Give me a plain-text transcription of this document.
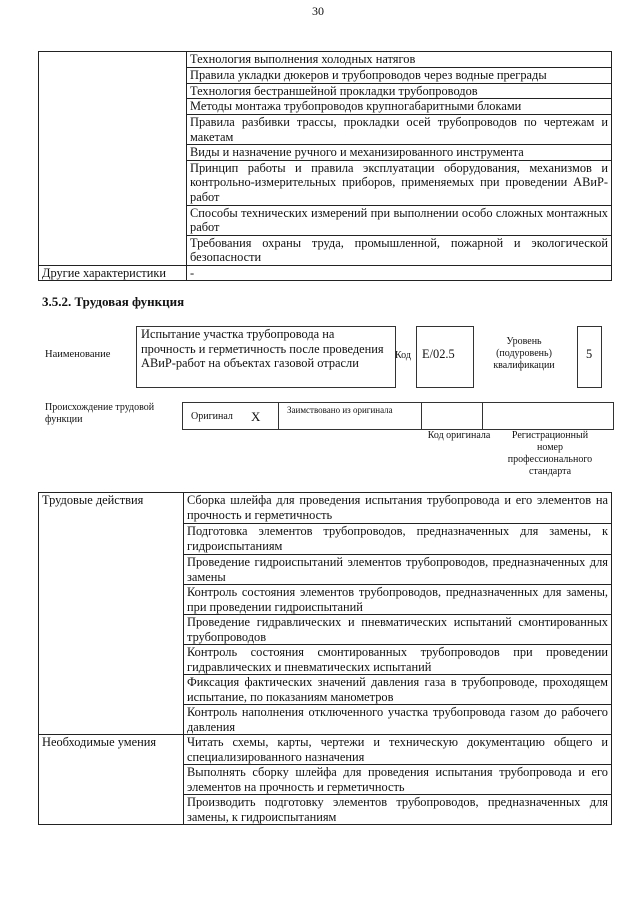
30
	Технология выполнения холодных натягов
	Правила укладки дюкеров и трубопроводов через водные преграды
	Технология бестраншейной прокладки трубопроводов
	Методы монтажа трубопроводов крупногабаритными блоками
	Правила разбивки трассы, прокладки осей трубопроводов по чертежам и макетам
	Виды и назначение ручного и механизированного инструмента
	Принцип работы и правила эксплуатации оборудования, механизмов и контрольно-измерительных приборов, применяемых при проведении АВиР-работ
	Способы технических измерений при выполнении особо сложных монтажных работ
	Требования охраны труда, промышленной, пожарной и экологической безопасности
Другие характеристики	-
3.5.2. Трудовая функция
Наименование
Испытание участка трубопровода на прочность и герметичность после проведения АВиР-работ на объектах газовой отрасли
Код E/02.5
Уровень (подуровень) квалификации
5
Происхождение трудовой функции	Оригинал X	Заимствовано из оригинала
Код оригинала	Регистрационный номер профессионального стандарта
Трудовые действия	Сборка шлейфа для проведения испытания трубопровода и его элементов на прочность и герметичность
	Подготовка элементов трубопроводов, предназначенных для замены, к гидроиспытаниям
	Проведение гидроиспытаний элементов трубопроводов, предназначенных для замены
	Контроль состояния элементов трубопроводов, предназначенных для замены, при проведении гидроиспытаний
	Проведение гидравлических и пневматических испытаний смонтированных трубопроводов
	Контроль состояния смонтированных трубопроводов при проведении гидравлических и пневматических испытаний
	Фиксация фактических значений давления газа в трубопроводе, проходящем испытание, по показаниям манометров
	Контроль наполнения отключенного участка трубопровода газом до рабочего давления
Необходимые умения	Читать схемы, карты, чертежи и техническую документацию общего и специализированного назначения
	Выполнять сборку шлейфа для проведения испытания трубопровода и его элементов на прочность и герметичность
	Производить подготовку элементов трубопроводов, предназначенных для замены, к гидроиспытаниям
